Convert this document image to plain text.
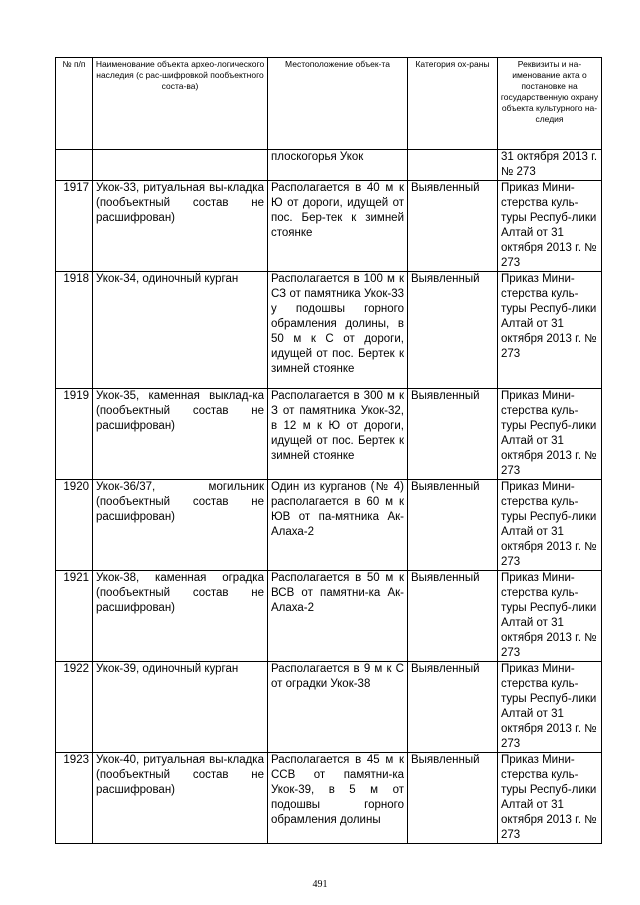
№ п/п	Наименование объекта архео-логического наследия (с рас-шифровкой пообъектного соста-ва)	Местоположение объек-та	Категория ох-раны	Реквизиты и на-именование акта о постановке на государственную охрану объекта культурного на-следия
		плоскогорья Укок		31 октября 2013 г. № 273
1917	Укок-33, ритуальная вы-кладка (пообъектный состав не расшифрован)	Располагается в 40 м к Ю от дороги, идущей от пос. Бер-тек к зимней стоянке	Выявленный	Приказ Мини-стерства куль-туры Респуб-лики Алтай от 31 октября 2013 г. № 273
1918	Укок-34, одиночный курган	Располагается в 100 м к СЗ от памятника Укок-33 у подошвы горного обрамления долины, в 50 м к С от дороги, идущей от пос. Бертек к зимней стоянке	Выявленный	Приказ Мини-стерства куль-туры Респуб-лики Алтай от 31 октября 2013 г. № 273
1919	Укок-35, каменная выклад-ка (пообъектный состав не расшифрован)	Располагается в 300 м к З от памятника Укок-32, в 12 м к Ю от дороги, идущей от пос. Бертек к зимней стоянке	Выявленный	Приказ Мини-стерства куль-туры Респуб-лики Алтай от 31 октября 2013 г. № 273
1920	Укок-36/37, могильник (пообъектный состав не расшифрован)	Один из курганов (№ 4) располагается в 60 м к ЮВ от па-мятника Ак-Алаха-2	Выявленный	Приказ Мини-стерства куль-туры Респуб-лики Алтай от 31 октября 2013 г. № 273
1921	Укок-38, каменная оградка (пообъектный состав не расшифрован)	Располагается в 50 м к ВСВ от памятни-ка Ак-Алаха-2	Выявленный	Приказ Мини-стерства куль-туры Респуб-лики Алтай от 31 октября 2013 г. № 273
1922	Укок-39, одиночный курган	Располагается в 9 м к С от оградки Укок-38	Выявленный	Приказ Мини-стерства куль-туры Респуб-лики Алтай от 31 октября 2013 г. № 273
1923	Укок-40, ритуальная вы-кладка (пообъектный состав не расшифрован)	Располагается в 45 м к ССВ от памятни-ка Укок-39, в 5 м от подошвы горного обрамления долины	Выявленный	Приказ Мини-стерства куль-туры Респуб-лики Алтай от 31 октября 2013 г. № 273
491
